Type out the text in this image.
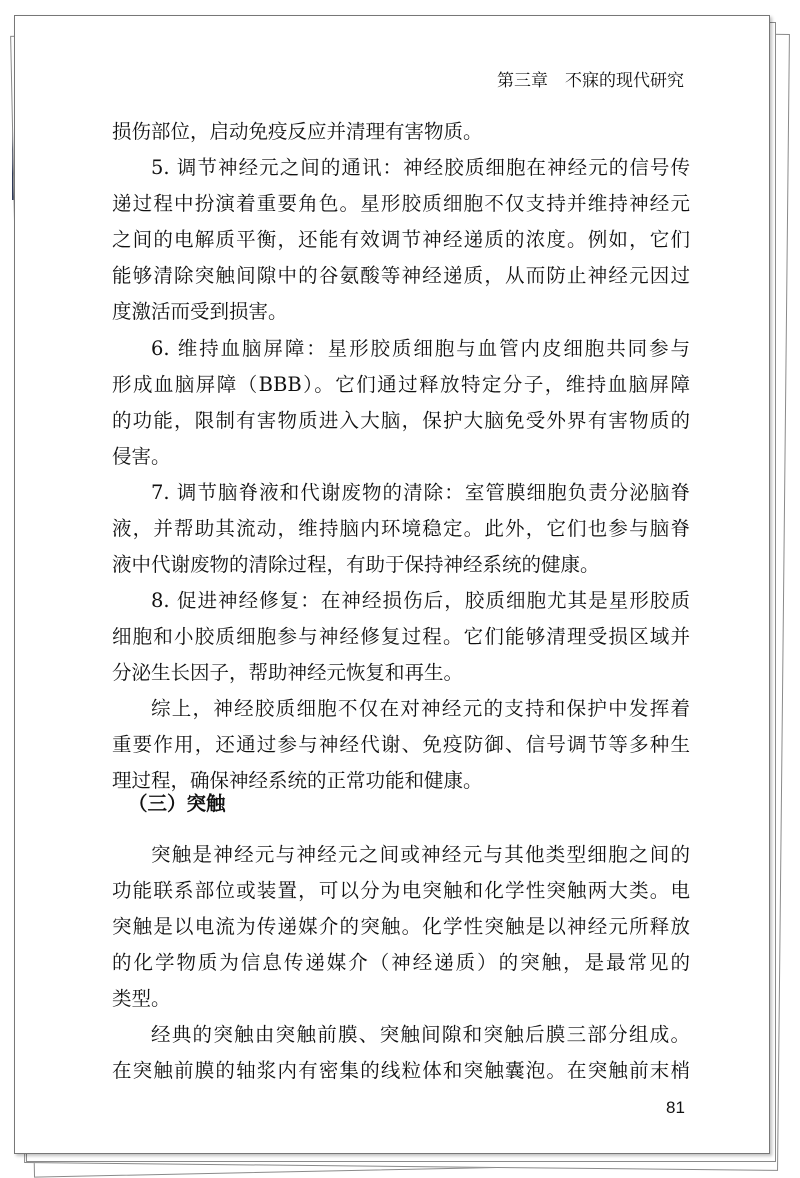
第三章　不寐的现代研究
损伤部位，启动免疫反应并清理有害物质。
5. 调节神经元之间的通讯：神经胶质细胞在神经元的信号传
递过程中扮演着重要角色。星形胶质细胞不仅支持并维持神经元
之间的电解质平衡，还能有效调节神经递质的浓度。例如，它们
能够清除突触间隙中的谷氨酸等神经递质，从而防止神经元因过
度激活而受到损害。
6. 维持血脑屏障：星形胶质细胞与血管内皮细胞共同参与
形成血脑屏障（BBB）。它们通过释放特定分子，维持血脑屏障
的功能，限制有害物质进入大脑，保护大脑免受外界有害物质的
侵害。
7. 调节脑脊液和代谢废物的清除：室管膜细胞负责分泌脑脊
液，并帮助其流动，维持脑内环境稳定。此外，它们也参与脑脊
液中代谢废物的清除过程，有助于保持神经系统的健康。
8. 促进神经修复：在神经损伤后，胶质细胞尤其是星形胶质
细胞和小胶质细胞参与神经修复过程。它们能够清理受损区域并
分泌生长因子，帮助神经元恢复和再生。
综上，神经胶质细胞不仅在对神经元的支持和保护中发挥着
重要作用，还通过参与神经代谢、免疫防御、信号调节等多种生
理过程，确保神经系统的正常功能和健康。
突触是神经元与神经元之间或神经元与其他类型细胞之间的
功能联系部位或装置，可以分为电突触和化学性突触两大类。电
突触是以电流为传递媒介的突触。化学性突触是以神经元所释放
的化学物质为信息传递媒介（神经递质）的突触，是最常见的
类型。
经典的突触由突触前膜、突触间隙和突触后膜三部分组成。
在突触前膜的轴浆内有密集的线粒体和突触囊泡。在突触前末梢
（三）突触
81
